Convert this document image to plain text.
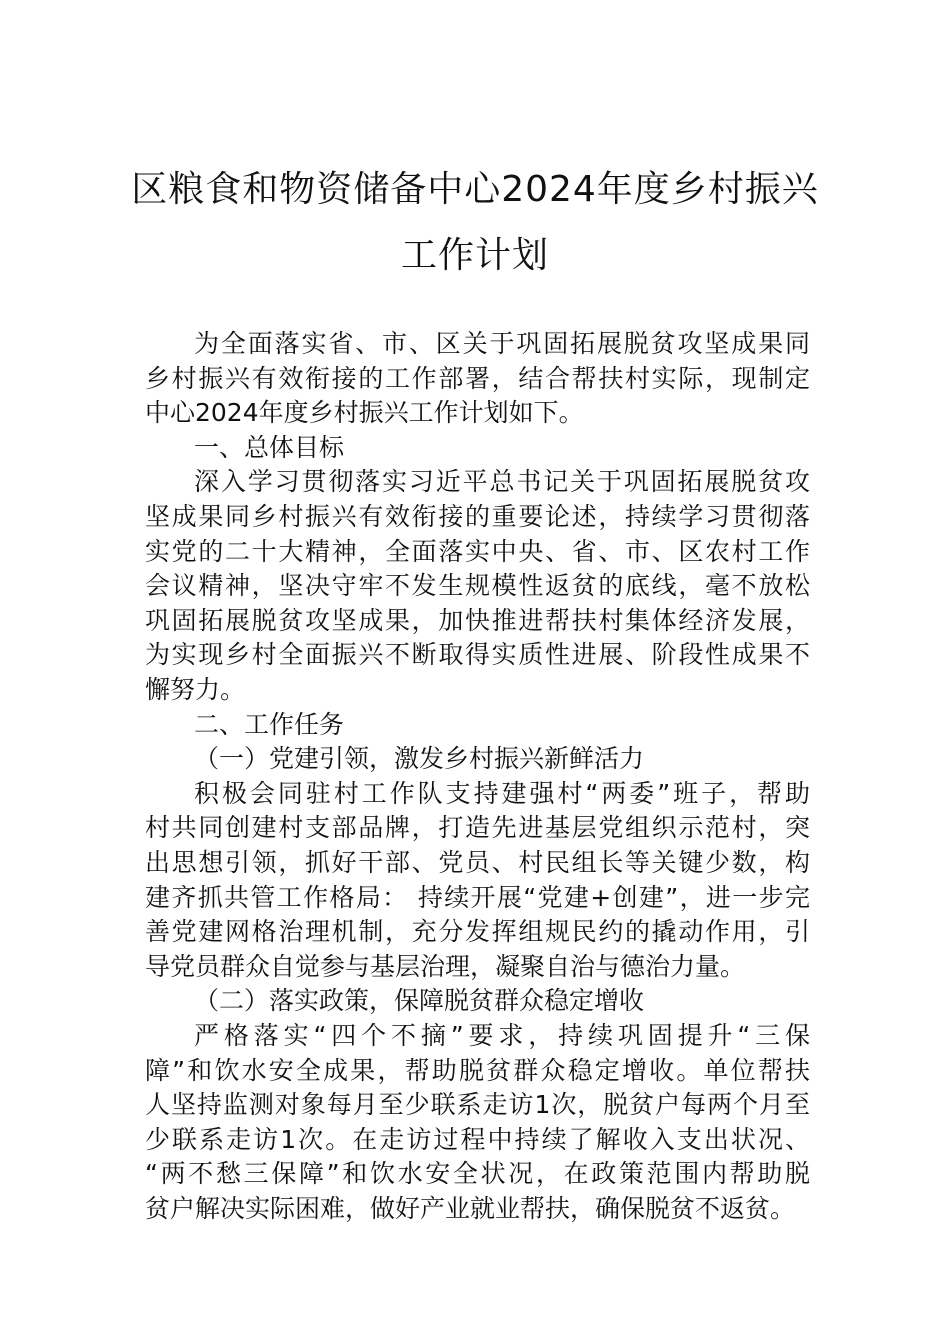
区粮食和物资储备中心2024年度乡村振兴
工作计划
为全面落实省、市、区关于巩固拓展脱贫攻坚成果同
乡村振兴有效衔接的工作部署，结合帮扶村实际，现制定
中心2024年度乡村振兴工作计划如下。
一、总体目标
深入学习贯彻落实习近平总书记关于巩固拓展脱贫攻
坚成果同乡村振兴有效衔接的重要论述，持续学习贯彻落
实党的二十大精神，全面落实中央、省、市、区农村工作
会议精神，坚决守牢不发生规模性返贫的底线，毫不放松
巩固拓展脱贫攻坚成果，加快推进帮扶村集体经济发展，
为实现乡村全面振兴不断取得实质性进展、阶段性成果不
懈努力。
二、工作任务
（一）党建引领，激发乡村振兴新鲜活力
积极会同驻村工作队支持建强村“两委”班子，帮助
村共同创建村支部品牌，打造先进基层党组织示范村，突
出思想引领，抓好干部、党员、村民组长等关键少数，构
建齐抓共管工作格局： 持续开展“党建+创建”，进一步完
善党建网格治理机制，充分发挥组规民约的撬动作用，引
导党员群众自觉参与基层治理，凝聚自治与德治力量。
（二）落实政策，保障脱贫群众稳定增收
严格落实“四个不摘”要求，持续巩固提升“三保
障”和饮水安全成果，帮助脱贫群众稳定增收。单位帮扶
人坚持监测对象每月至少联系走访1次，脱贫户每两个月至
少联系走访1次。在走访过程中持续了解收入支出状况、
“两不愁三保障”和饮水安全状况，在政策范围内帮助脱
贫户解决实际困难，做好产业就业帮扶，确保脱贫不返贫。
